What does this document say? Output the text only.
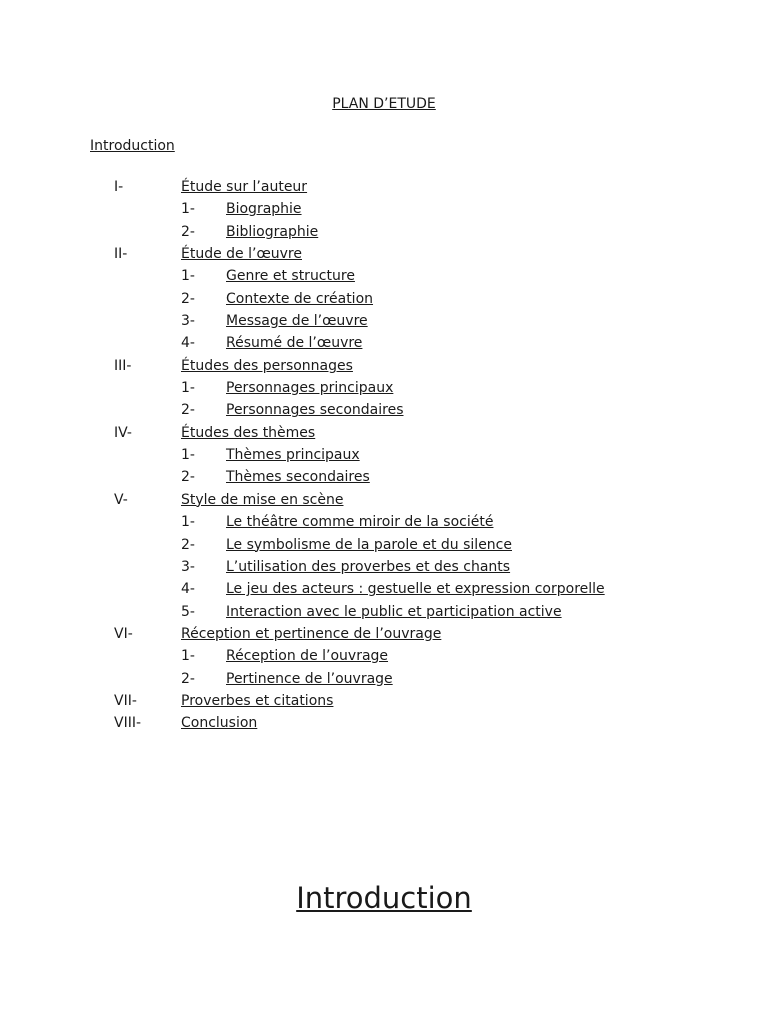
PLAN D’ETUDE
Introduction
I-	Étude sur l’auteur
1- Biographie
2- Bibliographie
II-	Étude de l’œuvre
1- Genre et structure
2- Contexte de création
3- Message de l’œuvre
4- Résumé de l’œuvre
III-	Études des personnages
1- Personnages principaux
2- Personnages secondaires
IV-	Études des thèmes
1- Thèmes principaux
2- Thèmes secondaires
V-	Style de mise en scène
1- Le théâtre comme miroir de la société
2- Le symbolisme de la parole et du silence
3- L’utilisation des proverbes et des chants
4- Le jeu des acteurs : gestuelle et expression corporelle
5- Interaction avec le public et participation active
VI-	Réception et pertinence de l’ouvrage
1- Réception de l’ouvrage
2- Pertinence de l’ouvrage
VII-	Proverbes et citations
VIII-	Conclusion
Introduction
